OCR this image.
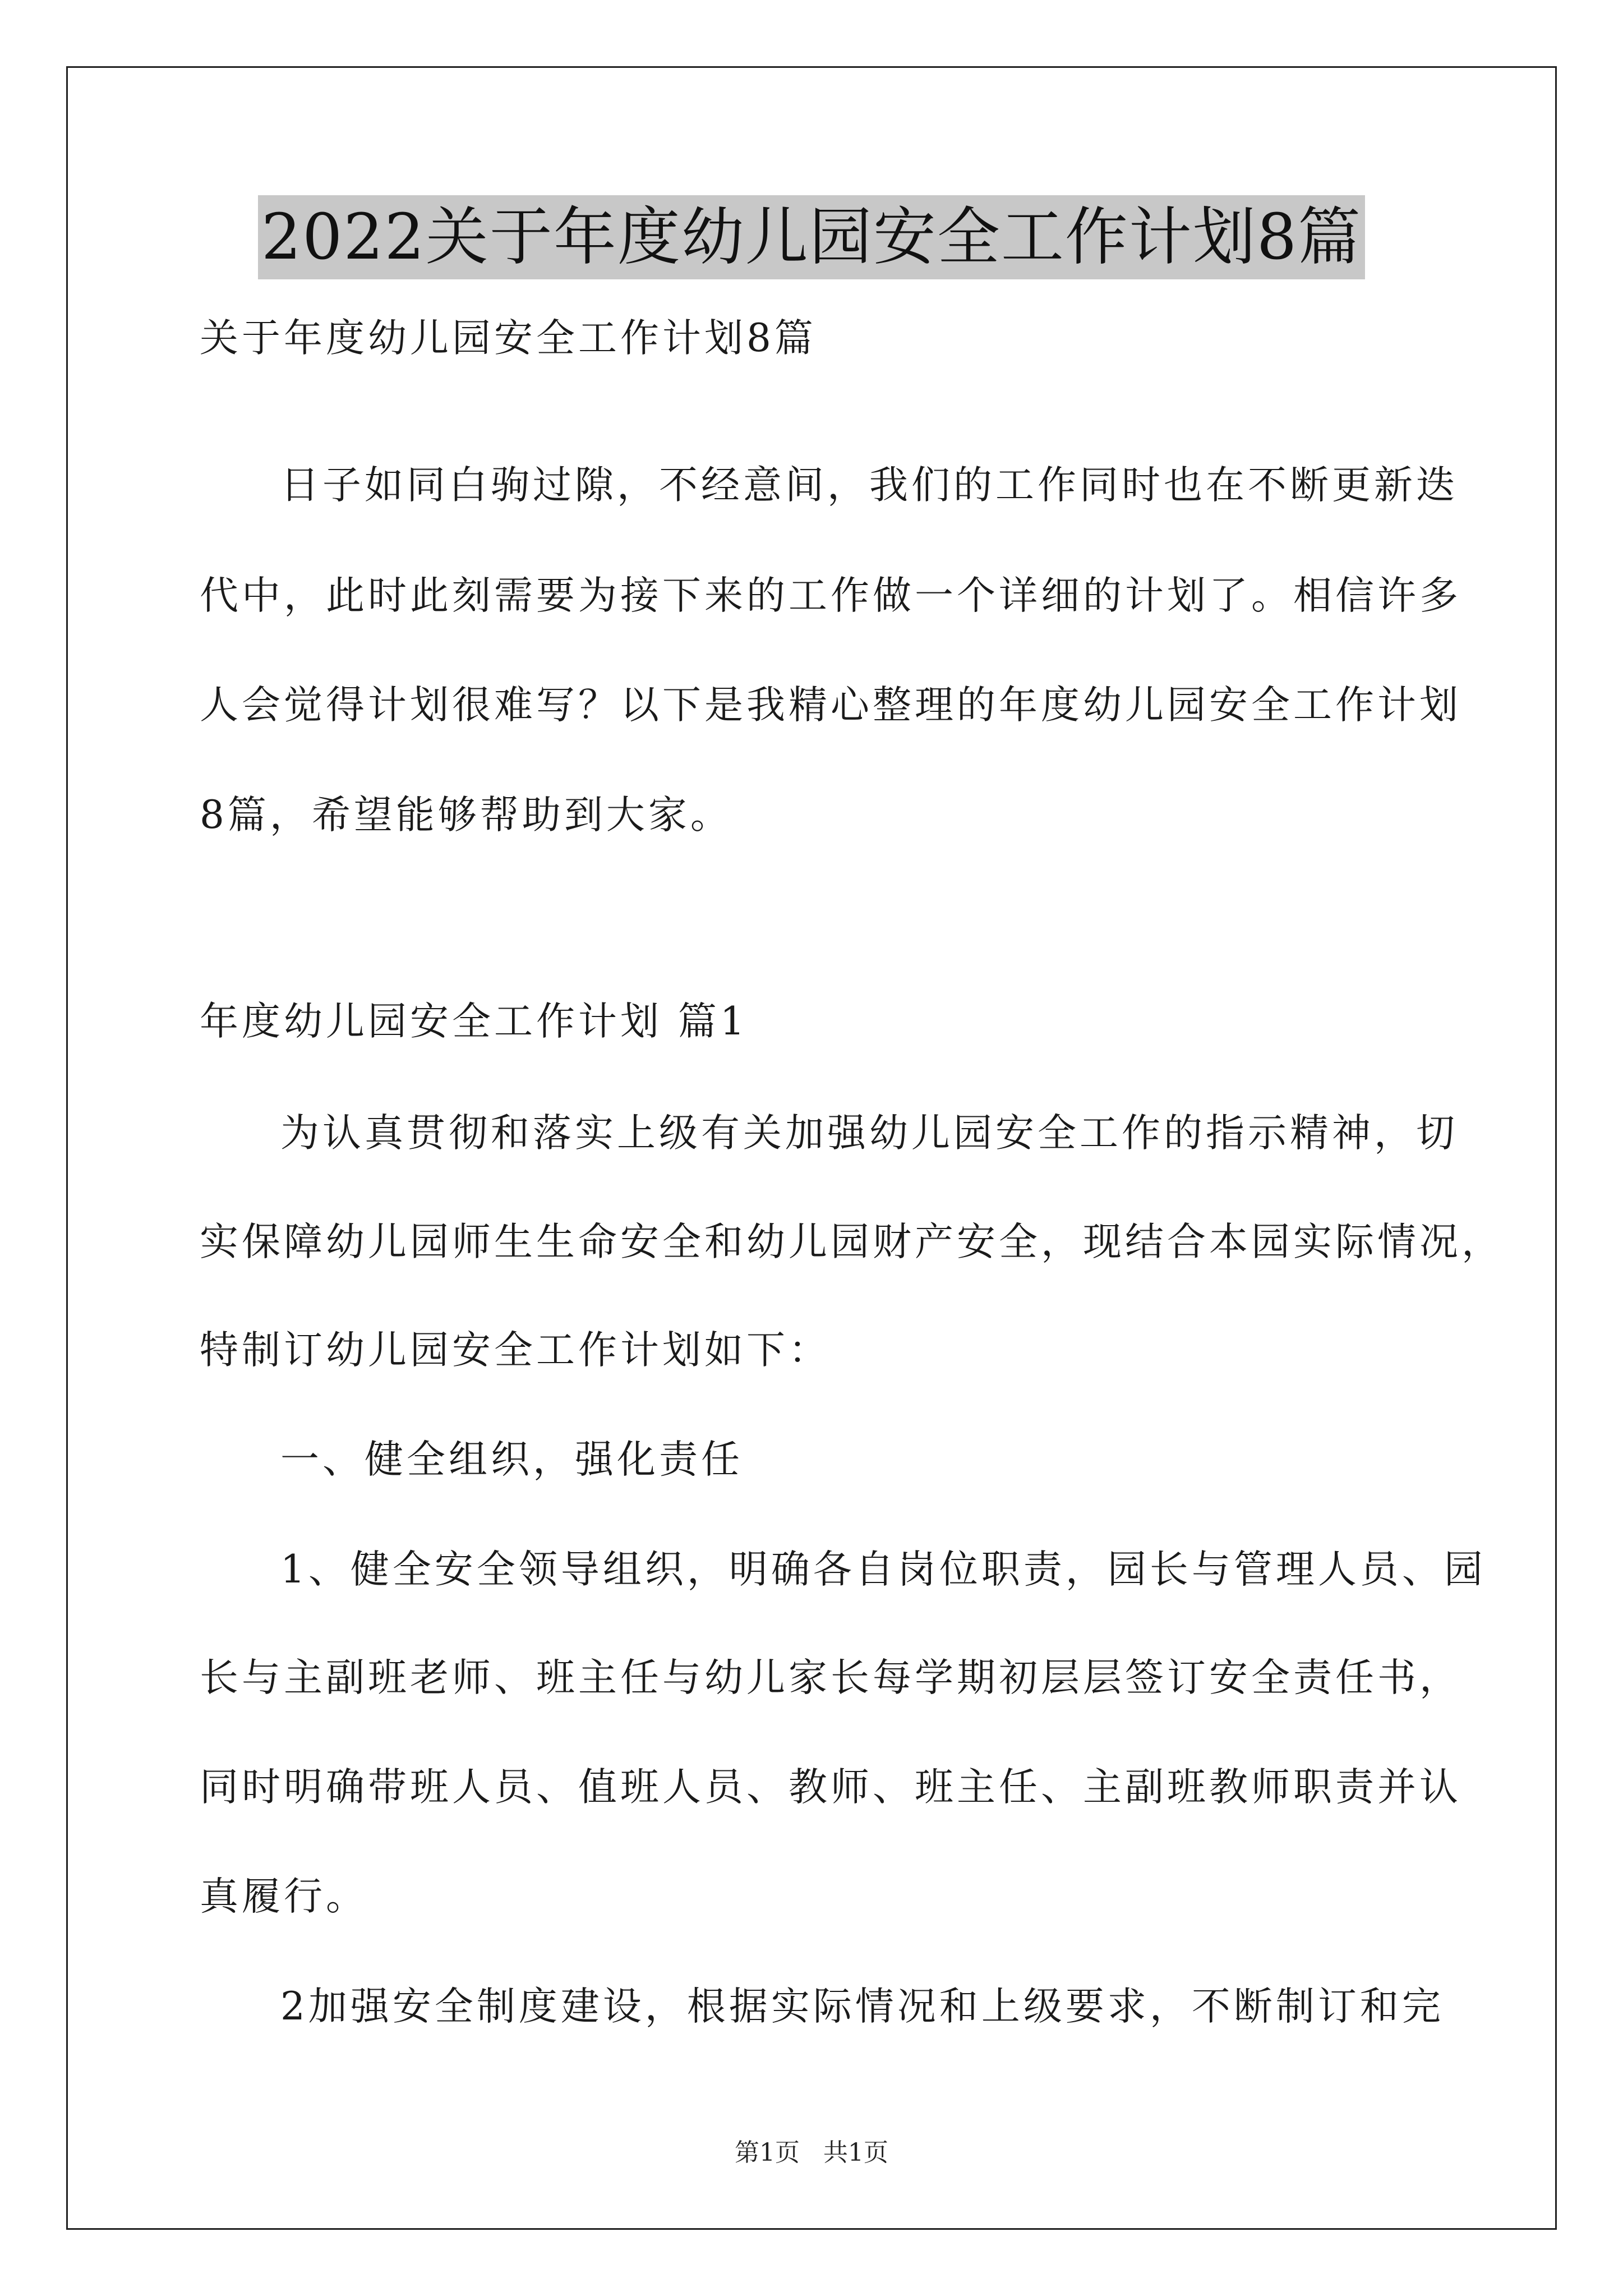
2022关于年度幼儿园安全工作计划8篇
关于年度幼儿园安全工作计划8篇
日子如同白驹过隙，不经意间，我们的工作同时也在不断更新迭
代中，此时此刻需要为接下来的工作做一个详细的计划了。相信许多
人会觉得计划很难写？以下是我精心整理的年度幼儿园安全工作计划
8篇，希望能够帮助到大家。
年度幼儿园安全工作计划 篇1
为认真贯彻和落实上级有关加强幼儿园安全工作的指示精神，切
实保障幼儿园师生生命安全和幼儿园财产安全，现结合本园实际情况，
特制订幼儿园安全工作计划如下：
一、健全组织，强化责任
1、健全安全领导组织，明确各自岗位职责，园长与管理人员、园
长与主副班老师、班主任与幼儿家长每学期初层层签订安全责任书，
同时明确带班人员、值班人员、教师、班主任、主副班教师职责并认
真履行。
2加强安全制度建设，根据实际情况和上级要求，不断制订和完
第1页   共1页
